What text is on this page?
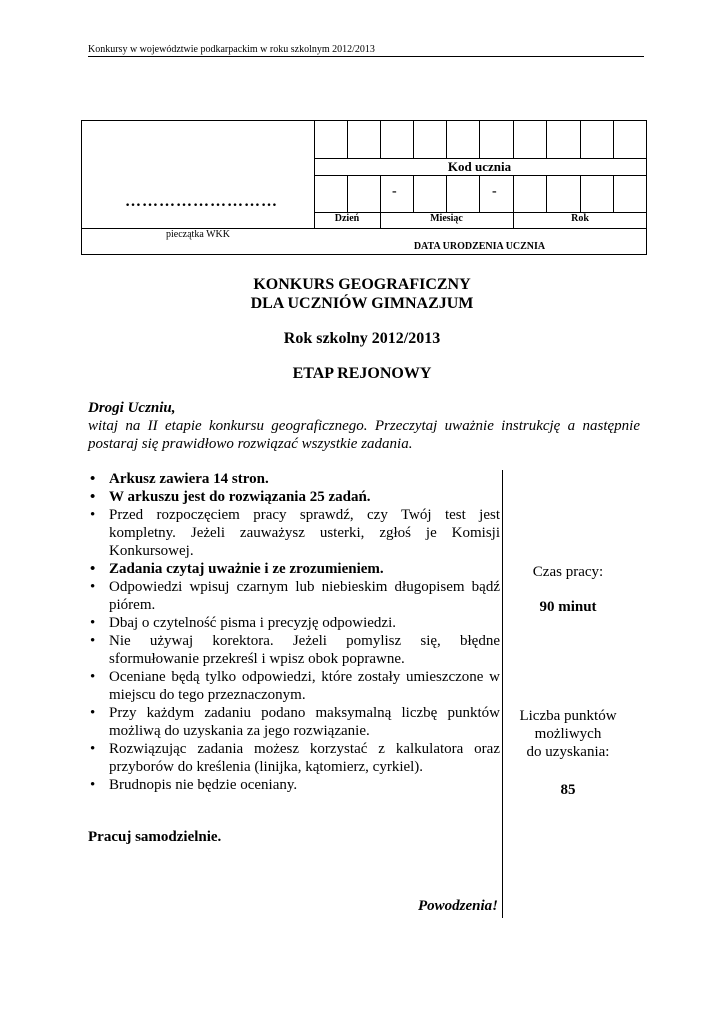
Konkursy w województwie podkarpackim w roku szkolnym 2012/2013
-	-
Dzień	Miesiąc	Rok
………………………
pieczątka WKK
Kod ucznia
DATA URODZENIA UCZNIA
KONKURS GEOGRAFICZNY
DLA UCZNIÓW GIMNAZJUM
Rok szkolny 2012/2013
ETAP REJONOWY
Drogi Uczniu,
witaj na II etapie konkursu geograficznego. Przeczytaj uważnie instrukcję a następnie postaraj się prawidłowo rozwiązać wszystkie zadania.
• Arkusz zawiera 14 stron.
• W arkuszu jest do rozwiązania 25 zadań.
• Przed rozpoczęciem pracy sprawdź, czy Twój test jest kompletny. Jeżeli zauważysz usterki, zgłoś je Komisji Konkursowej.
• Zadania czytaj uważnie i ze zrozumieniem.
• Odpowiedzi wpisuj czarnym lub niebieskim długopisem bądź piórem.
• Dbaj o czytelność pisma i precyzję odpowiedzi.
• Nie używaj korektora. Jeżeli pomylisz się, błędne sformułowanie przekreśl i wpisz obok poprawne.
• Oceniane będą tylko odpowiedzi, które zostały umieszczone w miejscu do tego przeznaczonym.
• Przy każdym zadaniu podano maksymalną liczbę punktów możliwą do uzyskania za jego rozwiązanie.
• Rozwiązując zadania możesz korzystać z kalkulatora oraz przyborów do kreślenia (linijka, kątomierz, cyrkiel).
• Brudnopis nie będzie oceniany.
Pracuj samodzielnie.
Powodzenia!
Czas pracy:
90 minut
Liczba punktów
możliwych
do uzyskania:
85
